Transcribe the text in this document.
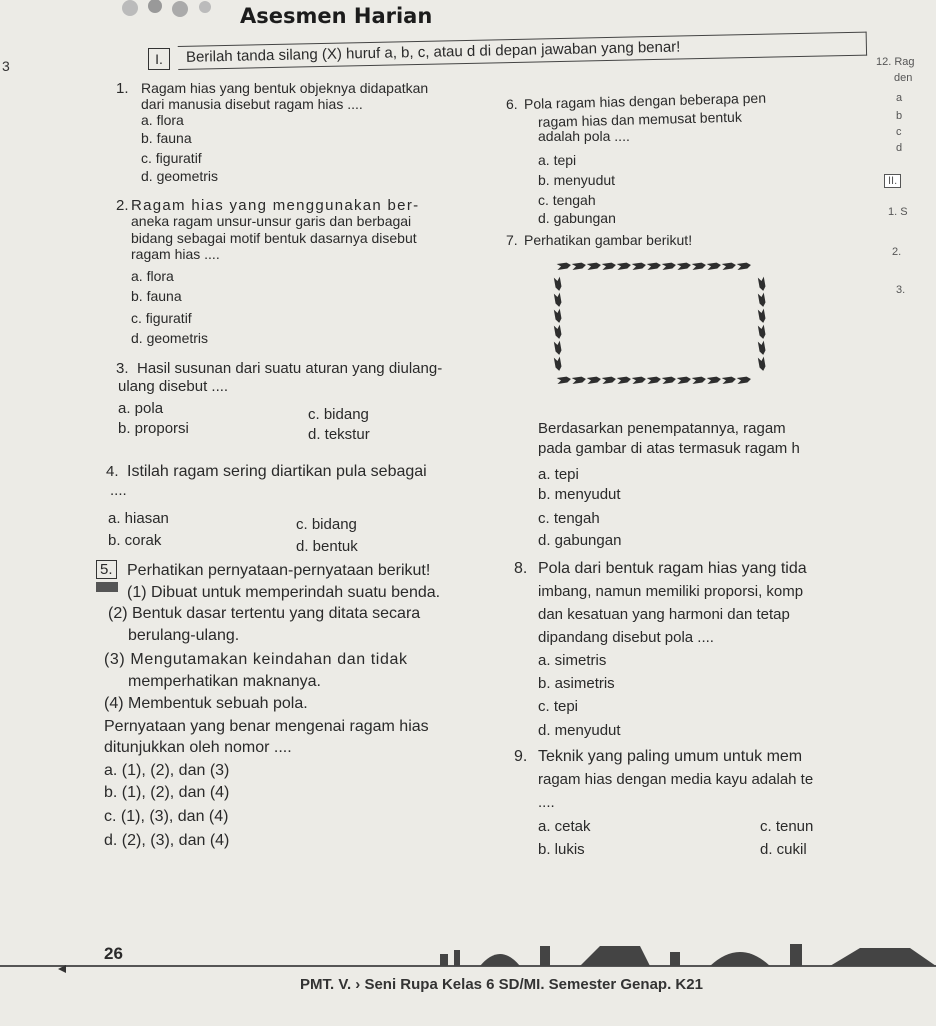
Asesmen Harian
3	I.	Berilah tanda silang (X) huruf a, b, c, atau d di depan jawaban yang benar!
1. Ragam hias yang bentuk objeknya didapatkan
dari manusia disebut ragam hias ....
a. flora
b. fauna
c. figuratif
d. geometris
2. Ragam hias yang menggunakan ber-
aneka ragam unsur-unsur garis dan berbagai
bidang sebagai motif bentuk dasarnya disebut
ragam hias ....
a. flora
b. fauna
c. figuratif
d. geometris
3. Hasil susunan dari suatu aturan yang diulang-
ulang disebut ....
a. pola
b. proporsi
c. bidang
d. tekstur
4. Istilah ragam sering diartikan pula sebagai
....
a. hiasan
b. corak
c. bidang
d. bentuk
5. Perhatikan pernyataan-pernyataan berikut!
(1) Dibuat untuk memperindah suatu benda.
(2) Bentuk dasar tertentu yang ditata secara
berulang-ulang.
(3) Mengutamakan keindahan dan tidak
memperhatikan maknanya.
(4) Membentuk sebuah pola.
Pernyataan yang benar mengenai ragam hias
ditunjukkan oleh nomor ....
a. (1), (2), dan (3)
b. (1), (2), dan (4)
c. (1), (3), dan (4)
d. (2), (3), dan (4)
6. Pola ragam hias dengan beberapa pen
ragam hias dan memusat bentuk
adalah pola ....
a. tepi
b. menyudut
c. tengah
d. gabungan
7. Perhatikan gambar berikut!
Berdasarkan penempatannya, ragam
pada gambar di atas termasuk ragam h
a. tepi
b. menyudut
c. tengah
d. gabungan
8. Pola dari bentuk ragam hias yang tida
imbang, namun memiliki proporsi, komp
dan kesatuan yang harmoni dan tetap
dipandang disebut pola ....
a. simetris
b. asimetris
c. tepi
d. menyudut
9. Teknik yang paling umum untuk mem
ragam hias dengan media kayu adalah te
....
a. cetak
b. lukis
c. tenun
d. cukil
12. Rag
den
a
b
c
d
II.
1. S
2.
3.
26
PMT. V. › Seni Rupa Kelas 6 SD/MI. Semester Genap. K21
